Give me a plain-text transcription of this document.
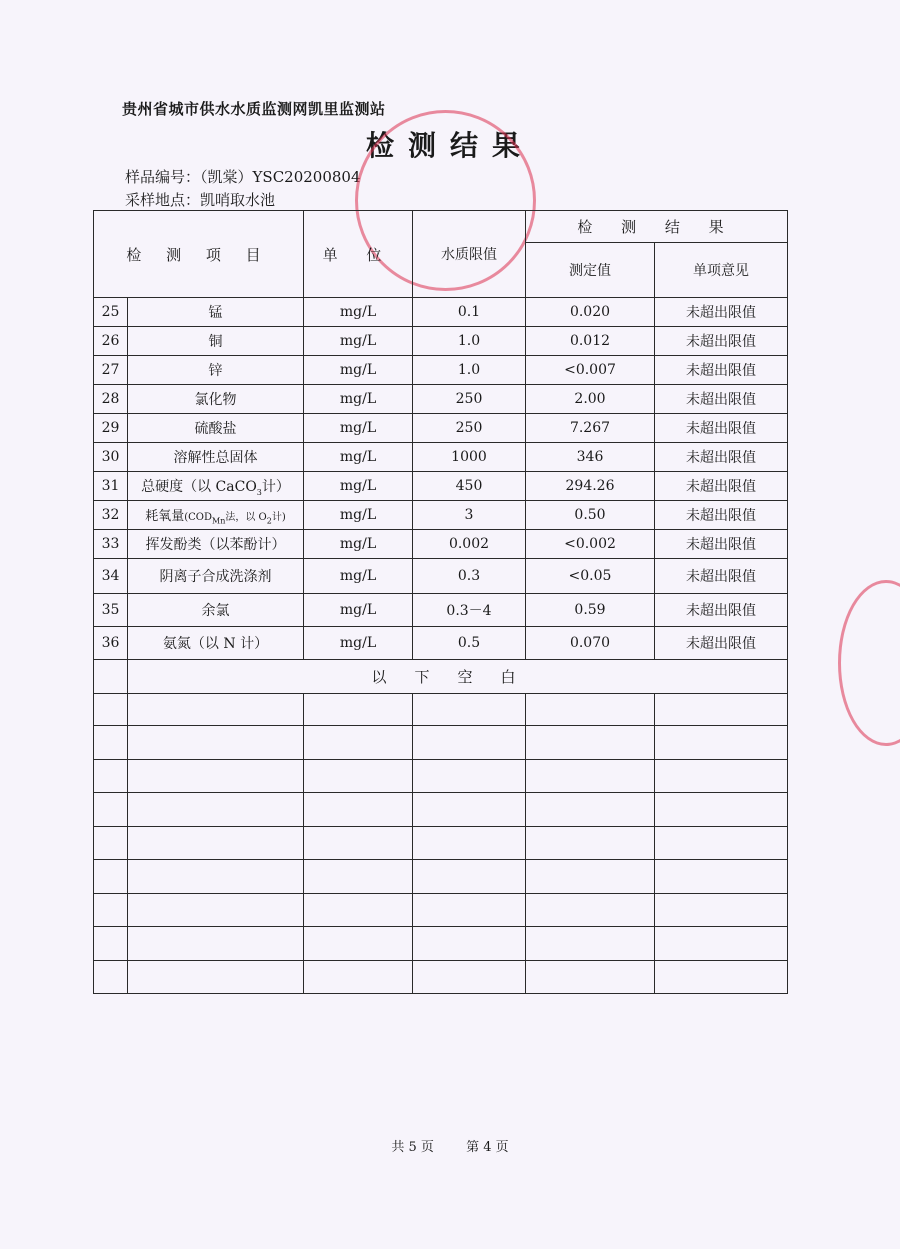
贵州省城市供水水质监测网凯里监测站
检测结果
样品编号：（凯棠）YSC20200804
采样地点：凯哨取水池
检 测 项 目		单 位	水质限值	检 测 结 果	
				测定值	单项意见
25	锰	mg/L	0.1	0.020	未超出限值
26	铜	mg/L	1.0	0.012	未超出限值
27	锌	mg/L	1.0	<0.007	未超出限值
28	氯化物	mg/L	250	2.00	未超出限值
29	硫酸盐	mg/L	250	7.267	未超出限值
30	溶解性总固体	mg/L	1000	346	未超出限值
31	总硬度（以 CaCO$_3$计）	mg/L	450	294.26	未超出限值
32	耗氧量($COD_{Mn}$法，以 $O_2$计)	mg/L	3	0.50	未超出限值
33	挥发酚类（以苯酚计）	mg/L	0.002	<0.002	未超出限值
34	阴离子合成洗涤剂	mg/L	0.3	<0.05	未超出限值
35	余氯	mg/L	0.3－4	0.59	未超出限值
36	氨氮（以 N 计）	mg/L	0.5	0.070	未超出限值
	以下空白				

共 5 页 第 4 页
